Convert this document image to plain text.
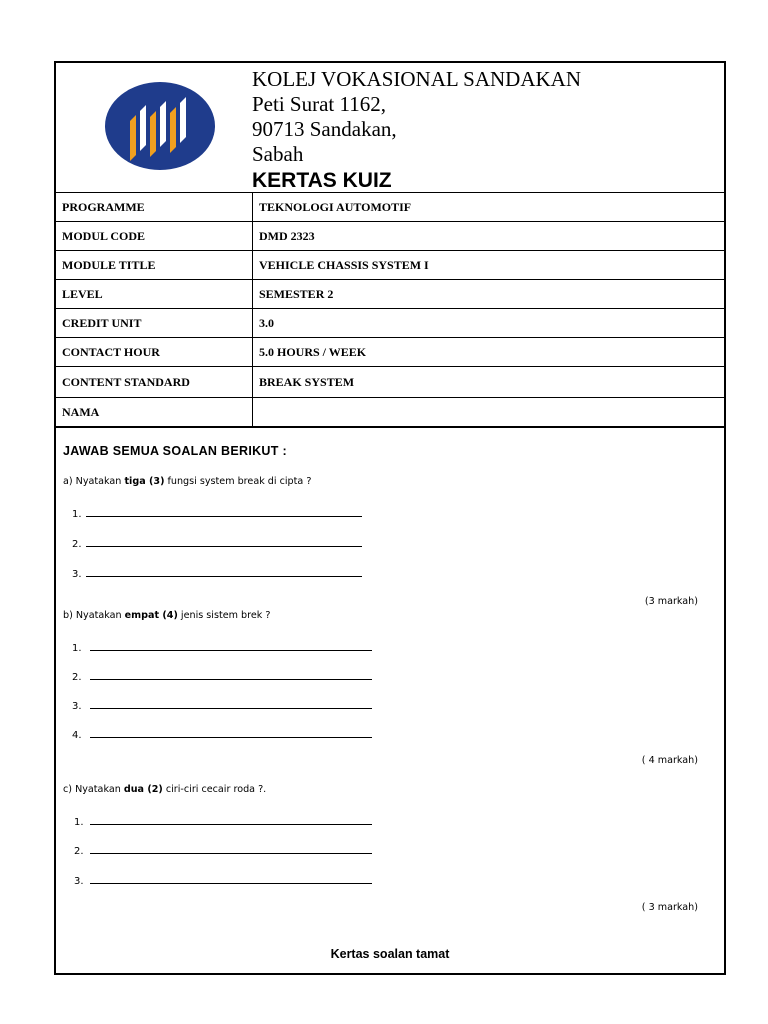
KOLEJ VOKASIONAL SANDAKAN
Peti Surat 1162,
90713 Sandakan,
Sabah
KERTAS KUIZ
PROGRAMME	TEKNOLOGI AUTOMOTIF
MODUL CODE	DMD 2323
MODULE TITLE	VEHICLE CHASSIS SYSTEM I
LEVEL	SEMESTER 2
CREDIT UNIT	3.0
CONTACT HOUR	5.0 HOURS / WEEK
CONTENT STANDARD	BREAK SYSTEM
NAMA	
JAWAB SEMUA SOALAN BERIKUT :
a) Nyatakan tiga (3) fungsi system break di cipta ?
1.
2.
3.
(3 markah)
b) Nyatakan empat (4) jenis sistem brek ?
1.
2.
3.
4.
( 4 markah)
c) Nyatakan dua (2) ciri-ciri cecair roda ?.
1.
2.
3.
( 3 markah)
Kertas soalan tamat
